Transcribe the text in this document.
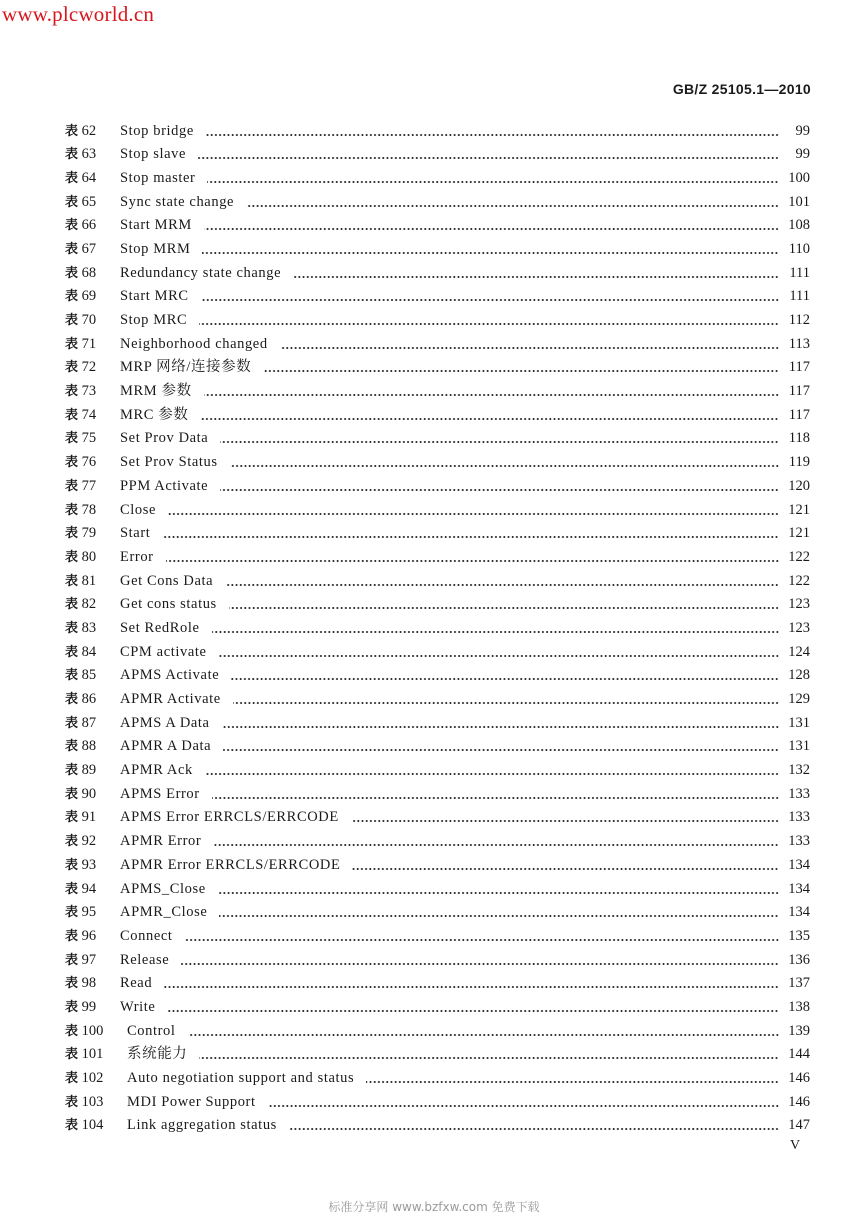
www.plcworld.cn
GB/Z 25105.1—2010
表 62 Stop bridge	99
表 63 Stop slave	99
表 64 Stop master	100
表 65 Sync state change	101
表 66 Start MRM	108
表 67 Stop MRM	110
表 68 Redundancy state change	111
表 69 Start MRC	111
表 70 Stop MRC	112
表 71 Neighborhood changed	113
表 72 MRP 网络/连接参数	117
表 73 MRM 参数	117
表 74 MRC 参数	117
表 75 Set Prov Data	118
表 76 Set Prov Status	119
表 77 PPM Activate	120
表 78 Close	121
表 79 Start	121
表 80 Error	122
表 81 Get Cons Data	122
表 82 Get cons status	123
表 83 Set RedRole	123
表 84 CPM activate	124
表 85 APMS Activate	128
表 86 APMR Activate	129
表 87 APMS A Data	131
表 88 APMR A Data	131
表 89 APMR Ack	132
表 90 APMS Error	133
表 91 APMS Error ERRCLS/ERRCODE	133
表 92 APMR Error	133
表 93 APMR Error ERRCLS/ERRCODE	134
表 94 APMS_Close	134
表 95 APMR_Close	134
表 96 Connect	135
表 97 Release	136
表 98 Read	137
表 99 Write	138
表 100 Control	139
表 101 系统能力	144
表 102 Auto negotiation support and status	146
表 103 MDI Power Support	146
表 104 Link aggregation status	147
V
标准分享网 www.bzfxw.com 免费下载
